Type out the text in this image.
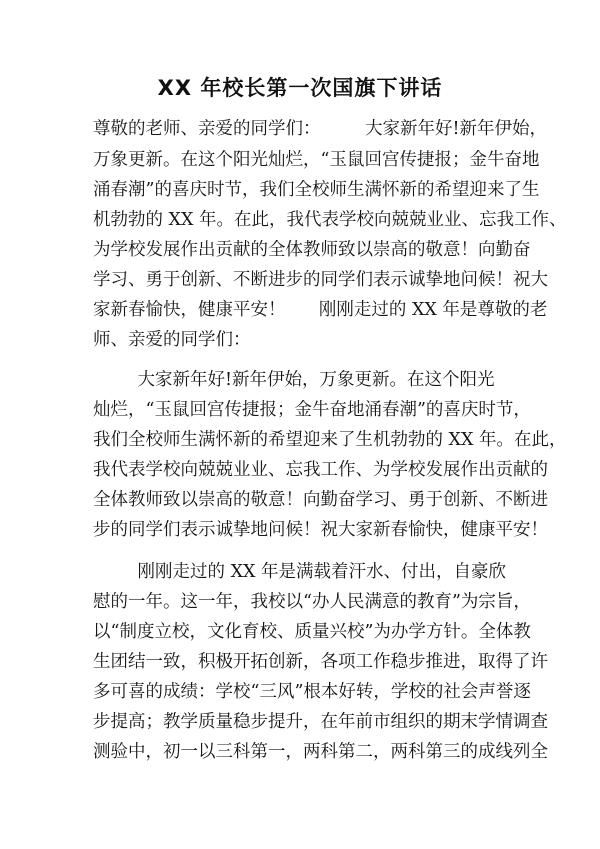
XX 年校长第一次国旗下讲话
尊敬的老师、亲爱的同学们：        大家新年好!新年伊始，
万象更新。在这个阳光灿烂，“玉鼠回宫传捷报；金牛奋地
涌春潮”的喜庆时节，我们全校师生满怀新的希望迎来了生
机勃勃的 XX 年。在此，我代表学校向兢兢业业、忘我工作、
为学校发展作出贡献的全体教师致以崇高的敬意！向勤奋
学习、勇于创新、不断进步的同学们表示诚挚地问候！祝大
家新春愉快，健康平安！      刚刚走过的 XX 年是尊敬的老
师、亲爱的同学们：
大家新年好!新年伊始，万象更新。在这个阳光
灿烂，“玉鼠回宫传捷报；金牛奋地涌春潮”的喜庆时节，
我们全校师生满怀新的希望迎来了生机勃勃的 XX 年。在此，
我代表学校向兢兢业业、忘我工作、为学校发展作出贡献的
全体教师致以崇高的敬意！向勤奋学习、勇于创新、不断进
步的同学们表示诚挚地问候！祝大家新春愉快，健康平安！
刚刚走过的 XX 年是满载着汗水、付出，自豪欣
慰的一年。这一年，我校以“办人民满意的教育”为宗旨，
以“制度立校，文化育校、质量兴校”为办学方针。全体教
生团结一致，积极开拓创新，各项工作稳步推进，取得了许
多可喜的成绩：学校“三风”根本好转，学校的社会声誉逐
步提高；教学质量稳步提升，在年前市组织的期末学情调查
测验中，初一以三科第一，两科第二，两科第三的成线列全
